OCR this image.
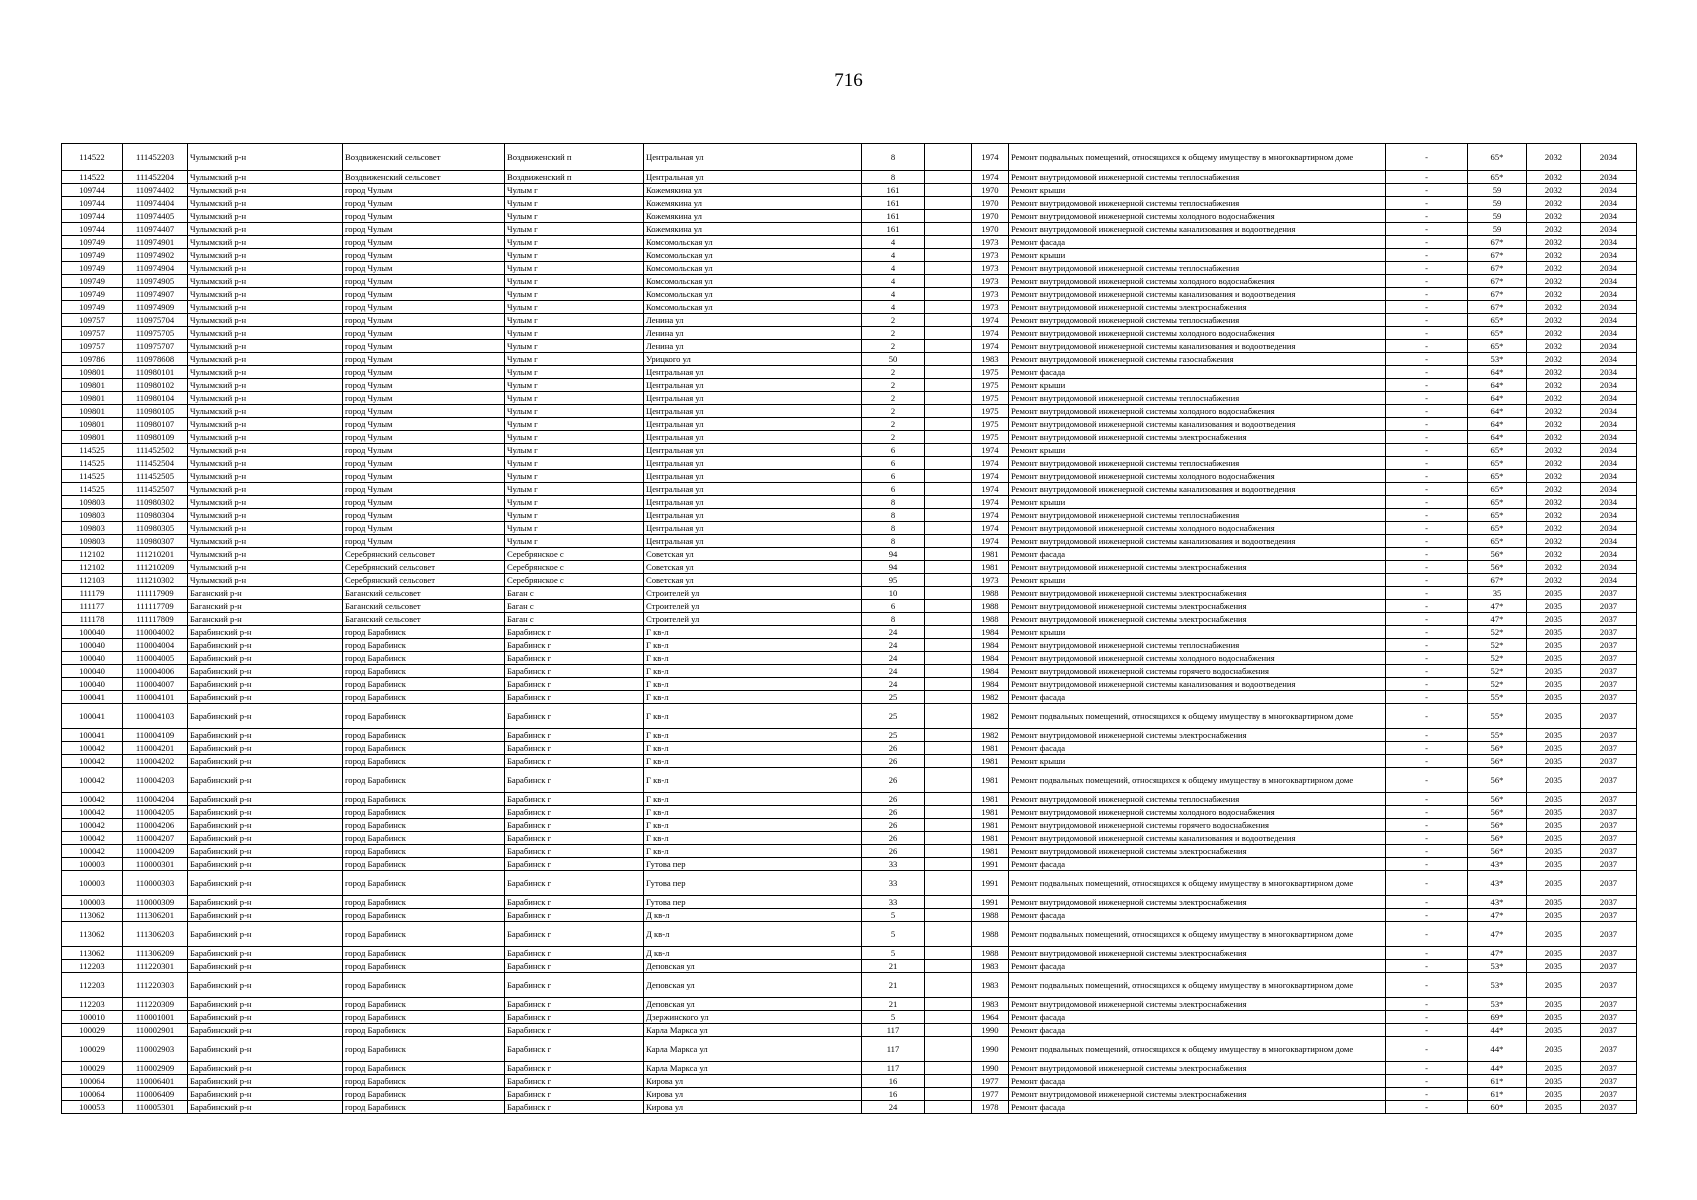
716
114522	111452203	Чулымский р-н	Воздвиженский сельсовет	Воздвиженский п	Центральная ул	8		1974	Ремонт подвальных помещений, относящихся к общему имуществу в многоквартирном доме	-	65*	2032	2034
114522	111452204	Чулымский р-н	Воздвиженский сельсовет	Воздвиженский п	Центральная ул	8		1974	Ремонт внутридомовой инженерной системы теплоснабжения	-	65*	2032	2034
109744	110974402	Чулымский р-н	город Чулым	Чулым г	Кожемякина ул	161		1970	Ремонт крыши	-	59	2032	2034
109744	110974404	Чулымский р-н	город Чулым	Чулым г	Кожемякина ул	161		1970	Ремонт внутридомовой инженерной системы теплоснабжения	-	59	2032	2034
109744	110974405	Чулымский р-н	город Чулым	Чулым г	Кожемякина ул	161		1970	Ремонт внутридомовой инженерной системы холодного водоснабжения	-	59	2032	2034
109744	110974407	Чулымский р-н	город Чулым	Чулым г	Кожемякина ул	161		1970	Ремонт внутридомовой инженерной системы канализования и водоотведения	-	59	2032	2034
109749	110974901	Чулымский р-н	город Чулым	Чулым г	Комсомольская ул	4		1973	Ремонт фасада	-	67*	2032	2034
109749	110974902	Чулымский р-н	город Чулым	Чулым г	Комсомольская ул	4		1973	Ремонт крыши	-	67*	2032	2034
109749	110974904	Чулымский р-н	город Чулым	Чулым г	Комсомольская ул	4		1973	Ремонт внутридомовой инженерной системы теплоснабжения	-	67*	2032	2034
109749	110974905	Чулымский р-н	город Чулым	Чулым г	Комсомольская ул	4		1973	Ремонт внутридомовой инженерной системы холодного водоснабжения	-	67*	2032	2034
109749	110974907	Чулымский р-н	город Чулым	Чулым г	Комсомольская ул	4		1973	Ремонт внутридомовой инженерной системы канализования и водоотведения	-	67*	2032	2034
109749	110974909	Чулымский р-н	город Чулым	Чулым г	Комсомольская ул	4		1973	Ремонт внутридомовой инженерной системы электроснабжения	-	67*	2032	2034
109757	110975704	Чулымский р-н	город Чулым	Чулым г	Ленина ул	2		1974	Ремонт внутридомовой инженерной системы теплоснабжения	-	65*	2032	2034
109757	110975705	Чулымский р-н	город Чулым	Чулым г	Ленина ул	2		1974	Ремонт внутридомовой инженерной системы холодного водоснабжения	-	65*	2032	2034
109757	110975707	Чулымский р-н	город Чулым	Чулым г	Ленина ул	2		1974	Ремонт внутридомовой инженерной системы канализования и водоотведения	-	65*	2032	2034
109786	110978608	Чулымский р-н	город Чулым	Чулым г	Урицкого ул	50		1983	Ремонт внутридомовой инженерной системы газоснабжения	-	53*	2032	2034
109801	110980101	Чулымский р-н	город Чулым	Чулым г	Центральная ул	2		1975	Ремонт фасада	-	64*	2032	2034
109801	110980102	Чулымский р-н	город Чулым	Чулым г	Центральная ул	2		1975	Ремонт крыши	-	64*	2032	2034
109801	110980104	Чулымский р-н	город Чулым	Чулым г	Центральная ул	2		1975	Ремонт внутридомовой инженерной системы теплоснабжения	-	64*	2032	2034
109801	110980105	Чулымский р-н	город Чулым	Чулым г	Центральная ул	2		1975	Ремонт внутридомовой инженерной системы холодного водоснабжения	-	64*	2032	2034
109801	110980107	Чулымский р-н	город Чулым	Чулым г	Центральная ул	2		1975	Ремонт внутридомовой инженерной системы канализования и водоотведения	-	64*	2032	2034
109801	110980109	Чулымский р-н	город Чулым	Чулым г	Центральная ул	2		1975	Ремонт внутридомовой инженерной системы электроснабжения	-	64*	2032	2034
114525	111452502	Чулымский р-н	город Чулым	Чулым г	Центральная ул	6		1974	Ремонт крыши	-	65*	2032	2034
114525	111452504	Чулымский р-н	город Чулым	Чулым г	Центральная ул	6		1974	Ремонт внутридомовой инженерной системы теплоснабжения	-	65*	2032	2034
114525	111452505	Чулымский р-н	город Чулым	Чулым г	Центральная ул	6		1974	Ремонт внутридомовой инженерной системы холодного водоснабжения	-	65*	2032	2034
114525	111452507	Чулымский р-н	город Чулым	Чулым г	Центральная ул	6		1974	Ремонт внутридомовой инженерной системы канализования и водоотведения	-	65*	2032	2034
109803	110980302	Чулымский р-н	город Чулым	Чулым г	Центральная ул	8		1974	Ремонт крыши	-	65*	2032	2034
109803	110980304	Чулымский р-н	город Чулым	Чулым г	Центральная ул	8		1974	Ремонт внутридомовой инженерной системы теплоснабжения	-	65*	2032	2034
109803	110980305	Чулымский р-н	город Чулым	Чулым г	Центральная ул	8		1974	Ремонт внутридомовой инженерной системы холодного водоснабжения	-	65*	2032	2034
109803	110980307	Чулымский р-н	город Чулым	Чулым г	Центральная ул	8		1974	Ремонт внутридомовой инженерной системы канализования и водоотведения	-	65*	2032	2034
112102	111210201	Чулымский р-н	Серебрянский сельсовет	Серебрянское с	Советская ул	94		1981	Ремонт фасада	-	56*	2032	2034
112102	111210209	Чулымский р-н	Серебрянский сельсовет	Серебрянское с	Советская ул	94		1981	Ремонт внутридомовой инженерной системы электроснабжения	-	56*	2032	2034
112103	111210302	Чулымский р-н	Серебрянский сельсовет	Серебрянское с	Советская ул	95		1973	Ремонт крыши	-	67*	2032	2034
111179	111117909	Баганский р-н	Баганский сельсовет	Баган с	Строителей ул	10		1988	Ремонт внутридомовой инженерной системы электроснабжения	-	35	2035	2037
111177	111117709	Баганский р-н	Баганский сельсовет	Баган с	Строителей ул	6		1988	Ремонт внутридомовой инженерной системы электроснабжения	-	47*	2035	2037
111178	111117809	Баганский р-н	Баганский сельсовет	Баган с	Строителей ул	8		1988	Ремонт внутридомовой инженерной системы электроснабжения	-	47*	2035	2037
100040	110004002	Барабинский р-н	город Барабинск	Барабинск г	Г кв-л	24		1984	Ремонт крыши	-	52*	2035	2037
100040	110004004	Барабинский р-н	город Барабинск	Барабинск г	Г кв-л	24		1984	Ремонт внутридомовой инженерной системы теплоснабжения	-	52*	2035	2037
100040	110004005	Барабинский р-н	город Барабинск	Барабинск г	Г кв-л	24		1984	Ремонт внутридомовой инженерной системы холодного водоснабжения	-	52*	2035	2037
100040	110004006	Барабинский р-н	город Барабинск	Барабинск г	Г кв-л	24		1984	Ремонт внутридомовой инженерной системы горячего водоснабжения	-	52*	2035	2037
100040	110004007	Барабинский р-н	город Барабинск	Барабинск г	Г кв-л	24		1984	Ремонт внутридомовой инженерной системы канализования и водоотведения	-	52*	2035	2037
100041	110004101	Барабинский р-н	город Барабинск	Барабинск г	Г кв-л	25		1982	Ремонт фасада	-	55*	2035	2037
100041	110004103	Барабинский р-н	город Барабинск	Барабинск г	Г кв-л	25		1982	Ремонт подвальных помещений, относящихся к общему имуществу в многоквартирном доме	-	55*	2035	2037
100041	110004109	Барабинский р-н	город Барабинск	Барабинск г	Г кв-л	25		1982	Ремонт внутридомовой инженерной системы электроснабжения	-	55*	2035	2037
100042	110004201	Барабинский р-н	город Барабинск	Барабинск г	Г кв-л	26		1981	Ремонт фасада	-	56*	2035	2037
100042	110004202	Барабинский р-н	город Барабинск	Барабинск г	Г кв-л	26		1981	Ремонт крыши	-	56*	2035	2037
100042	110004203	Барабинский р-н	город Барабинск	Барабинск г	Г кв-л	26		1981	Ремонт подвальных помещений, относящихся к общему имуществу в многоквартирном доме	-	56*	2035	2037
100042	110004204	Барабинский р-н	город Барабинск	Барабинск г	Г кв-л	26		1981	Ремонт внутридомовой инженерной системы теплоснабжения	-	56*	2035	2037
100042	110004205	Барабинский р-н	город Барабинск	Барабинск г	Г кв-л	26		1981	Ремонт внутридомовой инженерной системы холодного водоснабжения	-	56*	2035	2037
100042	110004206	Барабинский р-н	город Барабинск	Барабинск г	Г кв-л	26		1981	Ремонт внутридомовой инженерной системы горячего водоснабжения	-	56*	2035	2037
100042	110004207	Барабинский р-н	город Барабинск	Барабинск г	Г кв-л	26		1981	Ремонт внутридомовой инженерной системы канализования и водоотведения	-	56*	2035	2037
100042	110004209	Барабинский р-н	город Барабинск	Барабинск г	Г кв-л	26		1981	Ремонт внутридомовой инженерной системы электроснабжения	-	56*	2035	2037
100003	110000301	Барабинский р-н	город Барабинск	Барабинск г	Гутова пер	33		1991	Ремонт фасада	-	43*	2035	2037
100003	110000303	Барабинский р-н	город Барабинск	Барабинск г	Гутова пер	33		1991	Ремонт подвальных помещений, относящихся к общему имуществу в многоквартирном доме	-	43*	2035	2037
100003	110000309	Барабинский р-н	город Барабинск	Барабинск г	Гутова пер	33		1991	Ремонт внутридомовой инженерной системы электроснабжения	-	43*	2035	2037
113062	111306201	Барабинский р-н	город Барабинск	Барабинск г	Д кв-л	5		1988	Ремонт фасада	-	47*	2035	2037
113062	111306203	Барабинский р-н	город Барабинск	Барабинск г	Д кв-л	5		1988	Ремонт подвальных помещений, относящихся к общему имуществу в многоквартирном доме	-	47*	2035	2037
113062	111306209	Барабинский р-н	город Барабинск	Барабинск г	Д кв-л	5		1988	Ремонт внутридомовой инженерной системы электроснабжения	-	47*	2035	2037
112203	111220301	Барабинский р-н	город Барабинск	Барабинск г	Деповская ул	21		1983	Ремонт фасада	-	53*	2035	2037
112203	111220303	Барабинский р-н	город Барабинск	Барабинск г	Деповская ул	21		1983	Ремонт подвальных помещений, относящихся к общему имуществу в многоквартирном доме	-	53*	2035	2037
112203	111220309	Барабинский р-н	город Барабинск	Барабинск г	Деповская ул	21		1983	Ремонт внутридомовой инженерной системы электроснабжения	-	53*	2035	2037
100010	110001001	Барабинский р-н	город Барабинск	Барабинск г	Дзержинского ул	5		1964	Ремонт фасада	-	69*	2035	2037
100029	110002901	Барабинский р-н	город Барабинск	Барабинск г	Карла Маркса ул	117		1990	Ремонт фасада	-	44*	2035	2037
100029	110002903	Барабинский р-н	город Барабинск	Барабинск г	Карла Маркса ул	117		1990	Ремонт подвальных помещений, относящихся к общему имуществу в многоквартирном доме	-	44*	2035	2037
100029	110002909	Барабинский р-н	город Барабинск	Барабинск г	Карла Маркса ул	117		1990	Ремонт внутридомовой инженерной системы электроснабжения	-	44*	2035	2037
100064	110006401	Барабинский р-н	город Барабинск	Барабинск г	Кирова ул	16		1977	Ремонт фасада	-	61*	2035	2037
100064	110006409	Барабинский р-н	город Барабинск	Барабинск г	Кирова ул	16		1977	Ремонт внутридомовой инженерной системы электроснабжения	-	61*	2035	2037
100053	110005301	Барабинский р-н	город Барабинск	Барабинск г	Кирова ул	24		1978	Ремонт фасада	-	60*	2035	2037
